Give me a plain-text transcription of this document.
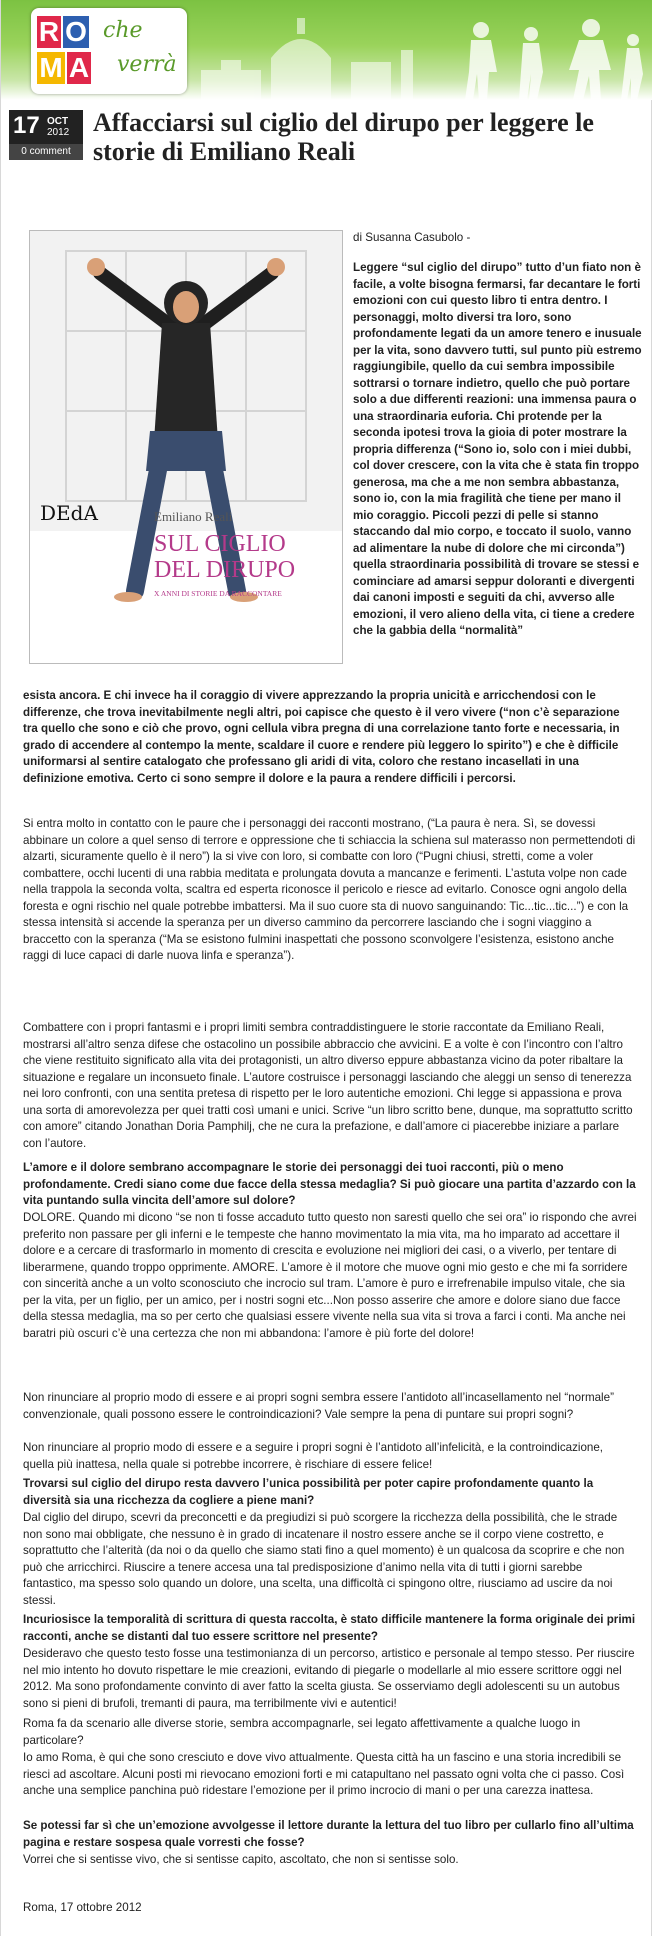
R O
M A
che
verrà
17 OCT
2012
0 comment
Affacciarsi sul ciglio del dirupo per leggere le storie di Emiliano Reali
DEdA	Emiliano Reali
SUL CIGLIO
DEL DIRUPO
X ANNI DI STORIE DA RACCONTARE

di Susanna Casubolo -

Leggere “sul ciglio del dirupo” tutto d’un fiato non è facile, a volte bisogna fermarsi, far decantare le forti emozioni con cui questo libro ti entra dentro. I personaggi, molto diversi tra loro, sono profondamente legati da un amore tenero e inusuale per la vita, sono davvero tutti, sul punto più estremo raggiungibile, quello da cui sembra impossibile sottrarsi o tornare indietro, quello che può portare solo a due differenti reazioni: una immensa paura o una straordinaria euforia. Chi protende per la seconda ipotesi trova la gioia di poter mostrare la propria differenza (“Sono io, solo con i miei dubbi, col dover crescere, con la vita che è stata fin troppo generosa, ma che a me non sembra abbastanza, sono io, con la mia fragilità che tiene per mano il mio coraggio. Piccoli pezzi di pelle si stanno staccando dal mio corpo, e toccato il suolo, vanno ad alimentare la nube di dolore che mi circonda”) quella straordinaria possibilità di trovare se stessi e cominciare ad amarsi seppur doloranti e divergenti dai canoni imposti e seguiti da chi, avverso alle emozioni, il vero alieno della vita, ci tiene a credere che la gabbia della “normalità”

esista ancora. E chi invece ha il coraggio di vivere apprezzando la propria unicità e arricchendosi con le differenze, che trova inevitabilmente negli altri, poi capisce che questo è il vero vivere (“non c’è separazione tra quello che sono e ciò che provo, ogni cellula vibra pregna di una correlazione tanto forte e necessaria, in grado di accendere al contempo la mente, scaldare il cuore e rendere più leggero lo spirito”) e che è difficile uniformarsi al sentire catalogato che professano gli aridi di vita, coloro che restano incasellati in una definizione emotiva. Certo ci sono sempre il dolore e la paura a rendere difficili i percorsi.

Si entra molto in contatto con le paure che i personaggi dei racconti mostrano, (“La paura è nera. Sì, se dovessi abbinare un colore a quel senso di terrore e oppressione che ti schiaccia la schiena sul materasso non permettendoti di alzarti, sicuramente quello è il nero”) la si vive con loro, si combatte con loro (“Pugni chiusi, stretti, come a voler combattere, occhi lucenti di una rabbia meditata e prolungata dovuta a mancanze e ferimenti. L’astuta volpe non cade nella trappola la seconda volta, scaltra ed esperta riconosce il pericolo e riesce ad evitarlo. Conosce ogni angolo della foresta e ogni rischio nel quale potrebbe imbattersi. Ma il suo cuore sta di nuovo sanguinando: Tic...tic...tic...”) e con la stessa intensità si accende la speranza per un diverso cammino da percorrere lasciando che i sogni viaggino a braccetto con la speranza (“Ma se esistono fulmini inaspettati che possono sconvolgere l’esistenza, esistono anche raggi di luce capaci di darle nuova linfa e speranza”).

Combattere con i propri fantasmi e i propri limiti sembra contraddistinguere le storie raccontate da Emiliano Reali, mostrarsi all’altro senza difese che ostacolino un possibile abbraccio che avvicini. E a volte è con l’incontro con l’altro che viene restituito significato alla vita dei protagonisti, un altro diverso eppure abbastanza vicino da poter ribaltare la situazione e regalare un inconsueto finale. L’autore costruisce i personaggi lasciando che aleggi un senso di tenerezza nei loro confronti, con una sentita pretesa di rispetto per le loro autentiche emozioni. Chi legge si appassiona e prova una sorta di amorevolezza per quei tratti così umani e unici. Scrive “un libro scritto bene, dunque, ma soprattutto scritto con amore” citando Jonathan Doria Pamphilj, che ne cura la prefazione, e dall’amore ci piacerebbe iniziare a parlare con l’autore.

L’amore e il dolore sembrano accompagnare le storie dei personaggi dei tuoi racconti, più o meno profondamente. Credi siano come due facce della stessa medaglia? Si può giocare una partita d’azzardo con la vita puntando sulla vincita dell’amore sul dolore?

DOLORE. Quando mi dicono “se non ti fosse accaduto tutto questo non saresti quello che sei ora” io rispondo che avrei preferito non passare per gli inferni e le tempeste che hanno movimentato la mia vita, ma ho imparato ad accettare il dolore e a cercare di trasformarlo in momento di crescita e evoluzione nei migliori dei casi, o a viverlo, per tentare di liberarmene, quando troppo opprimente. AMORE. L’amore è il motore che muove ogni mio gesto e che mi fa sorridere con sincerità anche a un volto sconosciuto che incrocio sul tram. L’amore è puro e irrefrenabile impulso vitale, che sia per la vita, per un figlio, per un amico, per i nostri sogni etc...Non posso asserire che amore e dolore siano due facce della stessa medaglia, ma so per certo che qualsiasi essere vivente nella sua vita si trova a farci i conti. Ma anche nei baratri più oscuri c’è una certezza che non mi abbandona: l’amore è più forte del dolore!

Non rinunciare al proprio modo di essere e ai propri sogni sembra essere l’antidoto all’incasellamento nel “normale” convenzionale, quali possono essere le controindicazioni? Vale sempre la pena di puntare sui propri sogni?

Non rinunciare al proprio modo di essere e a seguire i propri sogni è l’antidoto all’infelicità, e la controindicazione, quella più inattesa, nella quale si potrebbe incorrere, è rischiare di essere felice!

Trovarsi sul ciglio del dirupo resta davvero l’unica possibilità per poter capire profondamente quanto la diversità sia una ricchezza da cogliere a piene mani?

Dal ciglio del dirupo, scevri da preconcetti e da pregiudizi si può scorgere la ricchezza della possibilità, che le strade non sono mai obbligate, che nessuno è in grado di incatenare il nostro essere anche se il corpo viene costretto, e soprattutto che l’alterità (da noi o da quello che siamo stati fino a quel momento) è un qualcosa da scoprire e che non può che arricchirci. Riuscire a tenere accesa una tal predisposizione d’animo nella vita di tutti i giorni sarebbe fantastico, ma spesso solo quando un dolore, una scelta, una difficoltà ci spingono oltre, riusciamo ad uscire da noi stessi.

Incuriosisce la temporalità di scrittura di questa raccolta, è stato difficile mantenere la forma originale dei primi racconti, anche se distanti dal tuo essere scrittore nel presente?

Desideravo che questo testo fosse una testimonianza di un percorso, artistico e personale al tempo stesso. Per riuscire nel mio intento ho dovuto rispettare le mie creazioni, evitando di piegarle o modellarle al mio essere scrittore oggi nel 2012. Ma sono profondamente convinto di aver fatto la scelta giusta. Se osserviamo degli adolescenti su un autobus sono si pieni di brufoli, tremanti di paura, ma terribilmente vivi e autentici!

Roma fa da scenario alle diverse storie, sembra accompagnarle, sei legato affettivamente a qualche luogo in particolare?

Io amo Roma, è qui che sono cresciuto e dove vivo attualmente. Questa città ha un fascino e una storia incredibili se riesci ad ascoltare. Alcuni posti mi rievocano emozioni forti e mi catapultano nel passato ogni volta che ci passo. Così anche una semplice panchina può ridestare l’emozione per il primo incrocio di mani o per una carezza inattesa.

Se potessi far sì che un’emozione avvolgesse il lettore durante la lettura del tuo libro per cullarlo fino all’ultima pagina e restare sospesa quale vorresti che fosse?

Vorrei che si sentisse vivo, che si sentisse capito, ascoltato, che non si sentisse solo.

Roma, 17 ottobre 2012
